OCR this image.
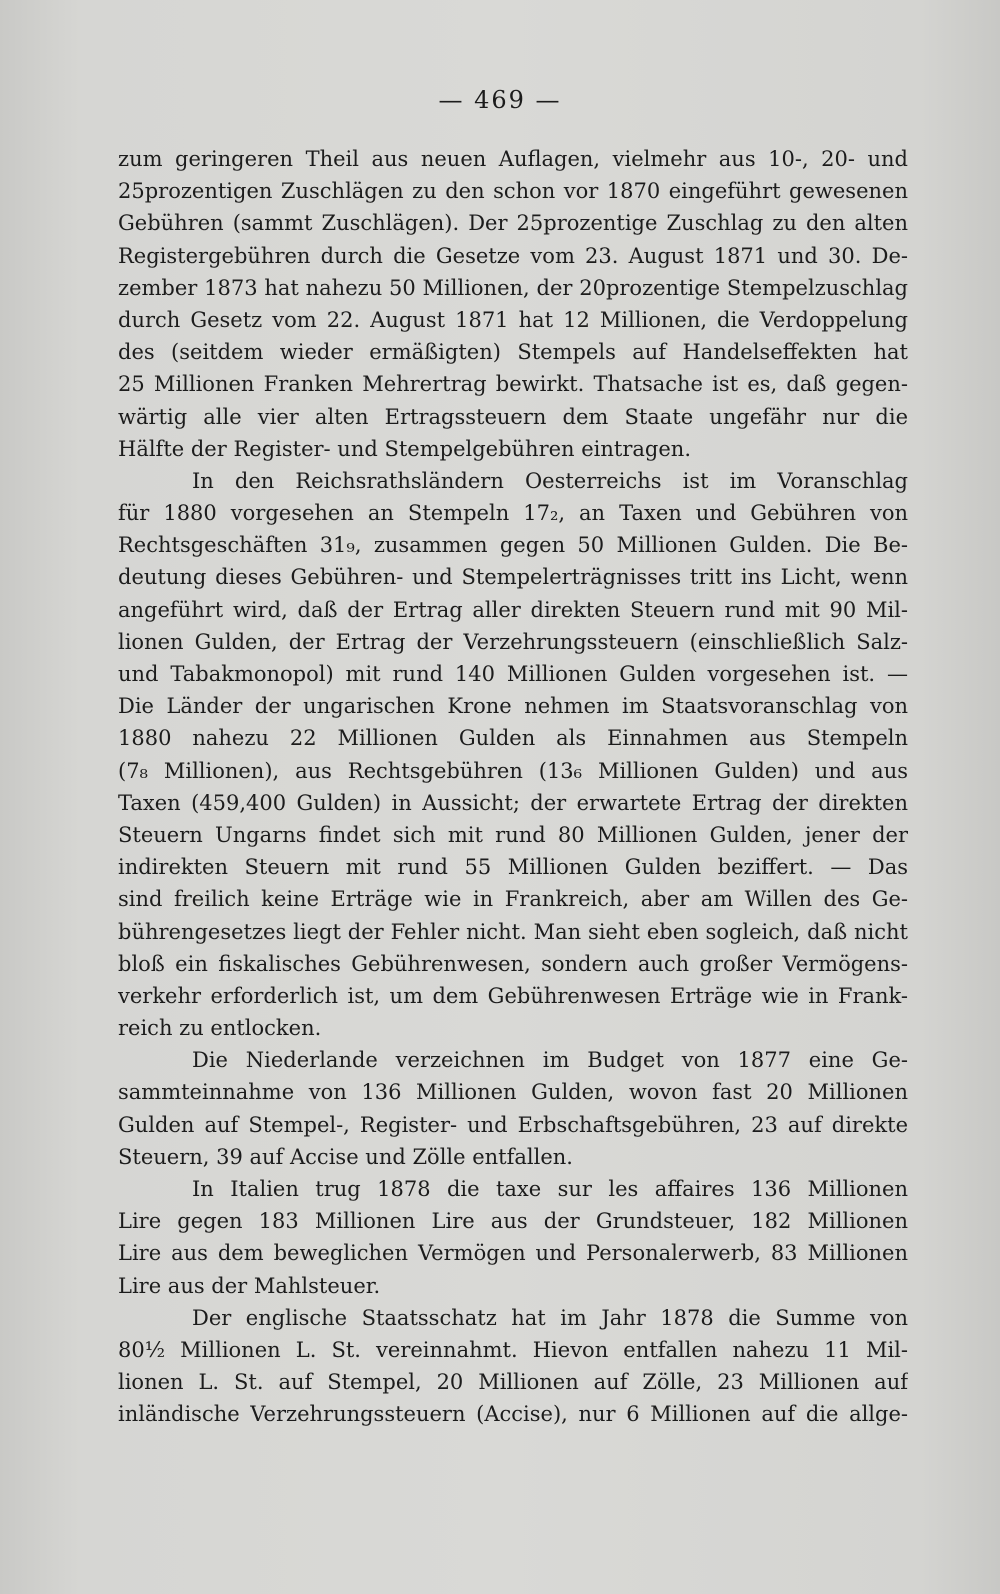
— 469 —
zum geringeren Theil aus neuen Auflagen, vielmehr aus 10-, 20- und
25prozentigen Zuschlägen zu den schon vor 1870 eingeführt gewesenen
Gebühren (sammt Zuschlägen). Der 25prozentige Zuschlag zu den alten
Registergebühren durch die Gesetze vom 23. August 1871 und 30. De-
zember 1873 hat nahezu 50 Millionen, der 20prozentige Stempelzuschlag
durch Gesetz vom 22. August 1871 hat 12 Millionen, die Verdoppelung
des (seitdem wieder ermäßigten) Stempels auf Handelseffekten hat
25 Millionen Franken Mehrertrag bewirkt. Thatsache ist es, daß gegen-
wärtig alle vier alten Ertragssteuern dem Staate ungefähr nur die
Hälfte der Register- und Stempelgebühren eintragen.
In den Reichsrathsländern Oesterreichs ist im Voranschlag
für 1880 vorgesehen an Stempeln 17₂, an Taxen und Gebühren von
Rechtsgeschäften 31₉, zusammen gegen 50 Millionen Gulden. Die Be-
deutung dieses Gebühren- und Stempelerträgnisses tritt ins Licht, wenn
angeführt wird, daß der Ertrag aller direkten Steuern rund mit 90 Mil-
lionen Gulden, der Ertrag der Verzehrungssteuern (einschließlich Salz-
und Tabakmonopol) mit rund 140 Millionen Gulden vorgesehen ist. —
Die Länder der ungarischen Krone nehmen im Staatsvoranschlag von
1880 nahezu 22 Millionen Gulden als Einnahmen aus Stempeln
(7₈ Millionen), aus Rechtsgebühren (13₆ Millionen Gulden) und aus
Taxen (459,400 Gulden) in Aussicht; der erwartete Ertrag der direkten
Steuern Ungarns findet sich mit rund 80 Millionen Gulden, jener der
indirekten Steuern mit rund 55 Millionen Gulden beziffert. — Das
sind freilich keine Erträge wie in Frankreich, aber am Willen des Ge-
bührengesetzes liegt der Fehler nicht. Man sieht eben sogleich, daß nicht
bloß ein fiskalisches Gebührenwesen, sondern auch großer Vermögens-
verkehr erforderlich ist, um dem Gebührenwesen Erträge wie in Frank-
reich zu entlocken.
Die Niederlande verzeichnen im Budget von 1877 eine Ge-
sammteinnahme von 136 Millionen Gulden, wovon fast 20 Millionen
Gulden auf Stempel-, Register- und Erbschaftsgebühren, 23 auf direkte
Steuern, 39 auf Accise und Zölle entfallen.
In Italien trug 1878 die taxe sur les affaires 136 Millionen
Lire gegen 183 Millionen Lire aus der Grundsteuer, 182 Millionen
Lire aus dem beweglichen Vermögen und Personalerwerb, 83 Millionen
Lire aus der Mahlsteuer.
Der englische Staatsschatz hat im Jahr 1878 die Summe von
80½ Millionen L. St. vereinnahmt. Hievon entfallen nahezu 11 Mil-
lionen L. St. auf Stempel, 20 Millionen auf Zölle, 23 Millionen auf
inländische Verzehrungssteuern (Accise), nur 6 Millionen auf die allge-
